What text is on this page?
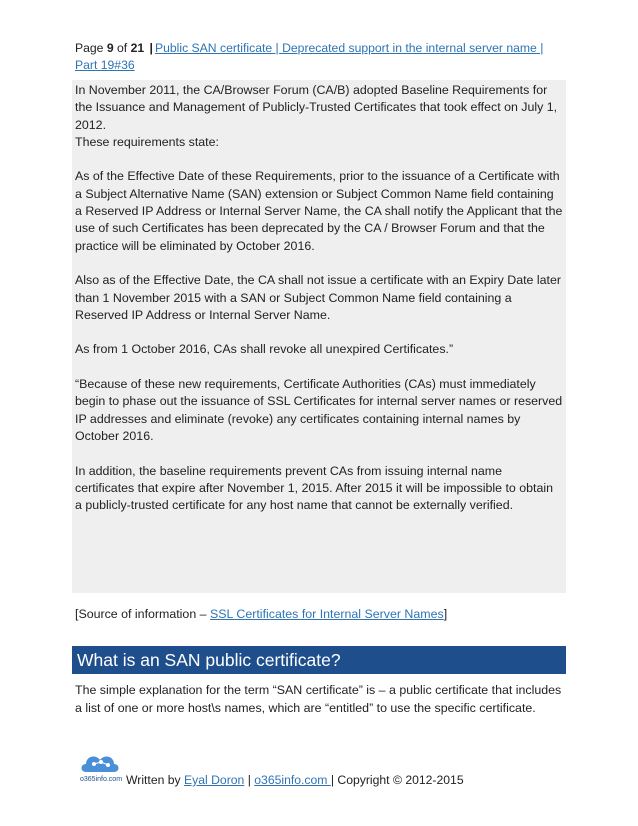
Page 9 of 21 | Public SAN certificate | Deprecated support in the internal server name | Part 19#36

In November 2011, the CA/Browser Forum (CA/B) adopted Baseline Requirements for the Issuance and Management of Publicly-Trusted Certificates that took effect on July 1, 2012.

These requirements state:

As of the Effective Date of these Requirements, prior to the issuance of a Certificate with a Subject Alternative Name (SAN) extension or Subject Common Name field containing a Reserved IP Address or Internal Server Name, the CA shall notify the Applicant that the use of such Certificates has been deprecated by the CA / Browser Forum and that the practice will be eliminated by October 2016.

Also as of the Effective Date, the CA shall not issue a certificate with an Expiry Date later than 1 November 2015 with a SAN or Subject Common Name field containing a Reserved IP Address or Internal Server Name.

As from 1 October 2016, CAs shall revoke all unexpired Certificates.”

“Because of these new requirements, Certificate Authorities (CAs) must immediately begin to phase out the issuance of SSL Certificates for internal server names or reserved IP addresses and eliminate (revoke) any certificates containing internal names by October 2016.

In addition, the baseline requirements prevent CAs from issuing internal name certificates that expire after November 1, 2015. After 2015 it will be impossible to obtain a publicly-trusted certificate for any host name that cannot be externally verified.

[Source of information – SSL Certificates for Internal Server Names]
What is an SAN public certificate?
The simple explanation for the term “SAN certificate” is – a public certificate that includes a list of one or more host\s names, which are “entitled” to use the specific certificate.
o365info.com Written by Eyal Doron | o365info.com | Copyright © 2012-2015
